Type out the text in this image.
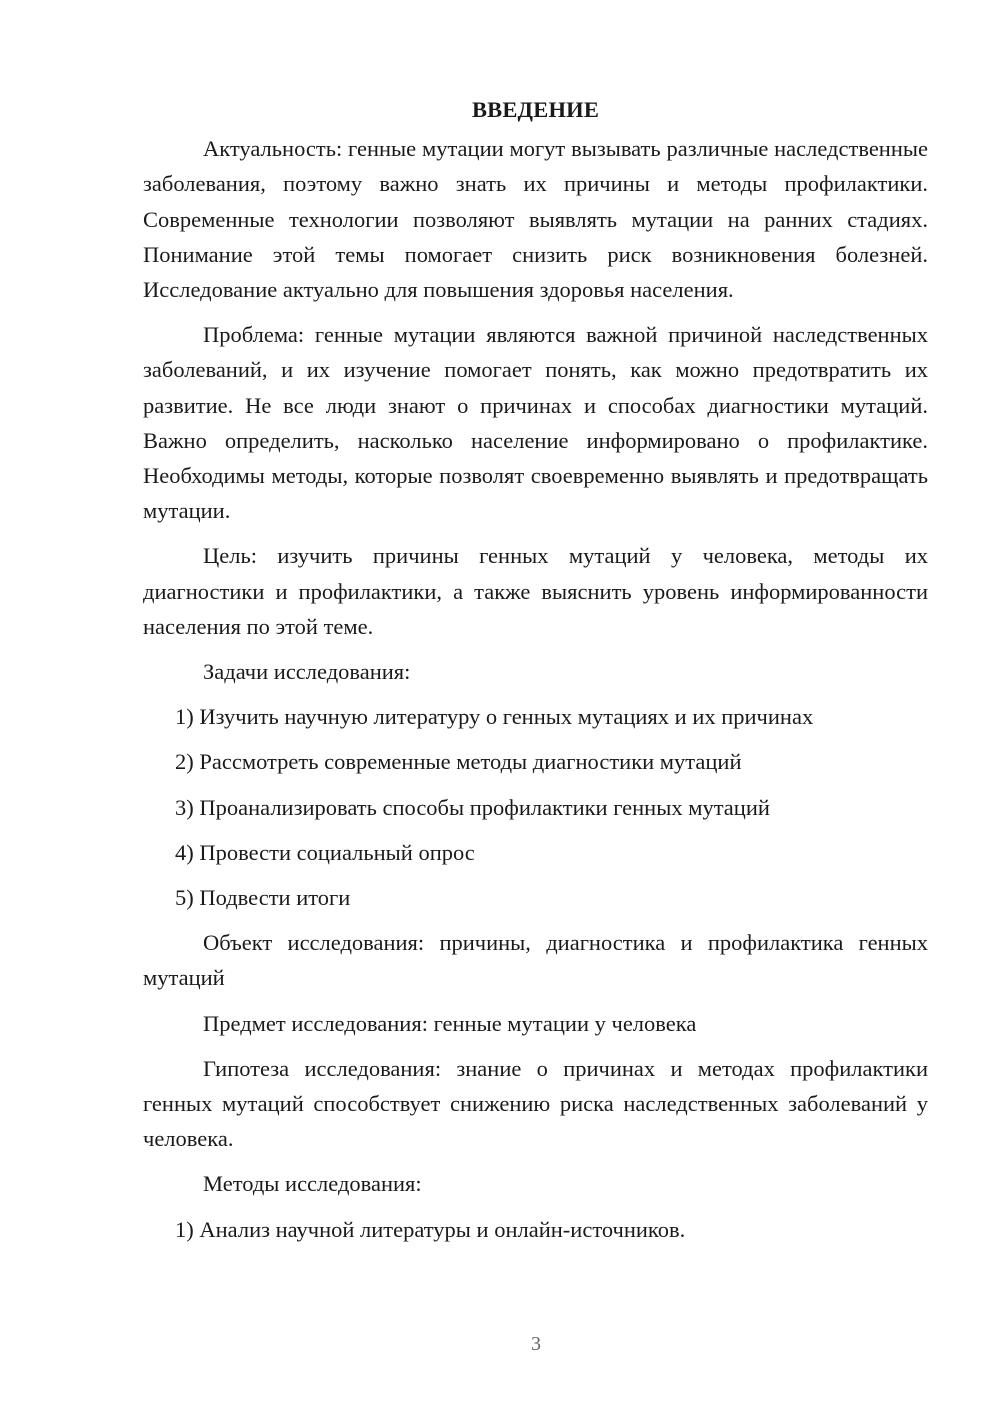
ВВЕДЕНИЕ

Актуальность: генные мутации могут вызывать различные наследственные заболевания, поэтому важно знать их причины и методы профилактики. Современные технологии позволяют выявлять мутации на ранних стадиях. Понимание этой темы помогает снизить риск возникновения болезней. Исследование актуально для повышения здоровья населения.

Проблема: генные мутации являются важной причиной наследственных заболеваний, и их изучение помогает понять, как можно предотвратить их развитие. Не все люди знают о причинах и способах диагностики мутаций. Важно определить, насколько население информировано о профилактике. Необходимы методы, которые позволят своевременно выявлять и предотвращать мутации.

Цель: изучить причины генных мутаций у человека, методы их диагностики и профилактики, а также выяснить уровень информированности населения по этой теме.

Задачи исследования:

1) Изучить научную литературу о генных мутациях и их причинах
2) Рассмотреть современные методы диагностики мутаций
3) Проанализировать способы профилактики генных мутаций
4) Провести социальный опрос
5) Подвести итоги

Объект исследования: причины, диагностика и профилактика генных мутаций

Предмет исследования: генные мутации у человека

Гипотеза исследования: знание о причинах и методах профилактики генных мутаций способствует снижению риска наследственных заболеваний у человека.

Методы исследования:

1) Анализ научной литературы и онлайн-источников.
3
